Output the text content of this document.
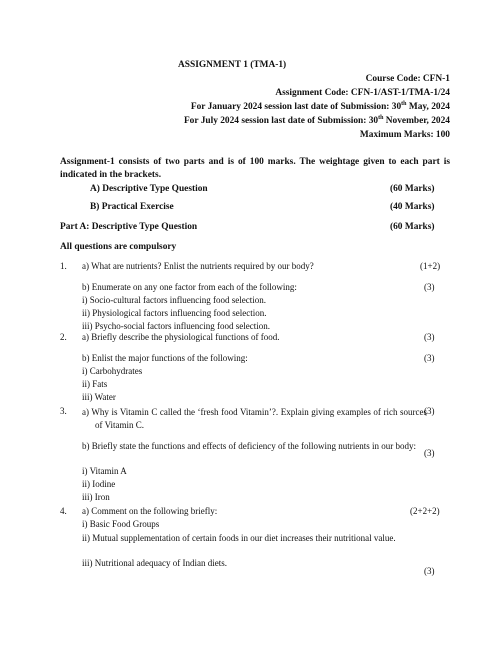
ASSIGNMENT 1 (TMA-1)
Course Code: CFN-1
Assignment Code: CFN-1/AST-1/TMA-1/24
For January 2024 session last date of Submission: 30th May, 2024
For July 2024 session last date of Submission: 30th November, 2024
Maximum Marks: 100
Assignment-1 consists of two parts and is of 100 marks. The weightage given to each part is indicated in the brackets.
A) Descriptive Type Question	(60 Marks)
B) Practical Exercise	(40 Marks)
Part A: Descriptive Type Question	(60 Marks)
All questions are compulsory
1. a) What are nutrients? Enlist the nutrients required by our body?	(1+2)
b) Enumerate on any one factor from each of the following:	(3)
i) Socio-cultural factors influencing food selection.
ii) Physiological factors influencing food selection.
iii) Psycho-social factors influencing food selection.
2. a) Briefly describe the physiological functions of food.	(3)
b) Enlist the major functions of the following:	(3)
i) Carbohydrates
ii) Fats
iii) Water
3. a) Why is Vitamin C called the ‘fresh food Vitamin’?. Explain giving examples of rich sources of Vitamin C.
(3)
b) Briefly state the functions and effects of deficiency of the following nutrients in our body:
(3)
i) Vitamin A
ii) Iodine
iii) Iron
4. a) Comment on the following briefly:	(2+2+2)
i) Basic Food Groups
ii) Mutual supplementation of certain foods in our diet increases their nutritional value.
iii) Nutritional adequacy of Indian diets.
(3)
